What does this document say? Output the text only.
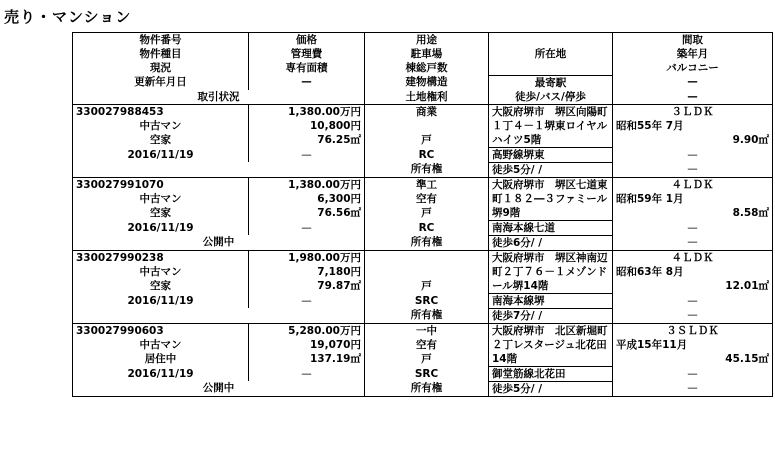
売り・マンション
物件番号	価格	用途	所在地	間取
物件種目	管理費	駐車場		築年月
現況	専有面積	棟総戸数		バルコニー
更新年月日	—	建物構造	最寄駅	—
取引状況		土地権利	徒歩/バス/停歩	—
330027988453	1,380.00万円	商業	大阪府堺市　堺区向陽町１丁４－１堺東ロイヤルハイツ5階	３ＬＤＫ
中古マン	10,800円			昭和55年 7月
空家	76.25㎡	戸		9.90㎡
2016/11/19	—	RC	高野線堺東	—
		所有権	徒歩5分/ /	—
330027991070	1,380.00万円	準工	大阪府堺市　堺区七道東町１８２―３ファミール堺9階	４ＬＤＫ
中古マン	6,300円	空有		昭和59年 1月
空家	76.56㎡	戸		8.58㎡
2016/11/19	—	RC	南海本線七道	—
公開中		所有権	徒歩6分/ /	—
330027990238	1,980.00万円		大阪府堺市　堺区神南辺町２丁７６－１メゾンドール堺14階	４ＬＤＫ
中古マン	7,180円			昭和63年 8月
空家	79.87㎡	戸		12.01㎡
2016/11/19	—	SRC	南海本線堺	—
		所有権	徒歩7分/ /	—
330027990603	5,280.00万円	一中	大阪府堺市　北区新堀町２丁レスタージュ北花田14階	３ＳＬＤＫ
中古マン	19,070円	空有		平成15年11月
居住中	137.19㎡	戸		45.15㎡
2016/11/19	—	SRC	御堂筋線北花田	—
公開中		所有権	徒歩5分/ /	—
